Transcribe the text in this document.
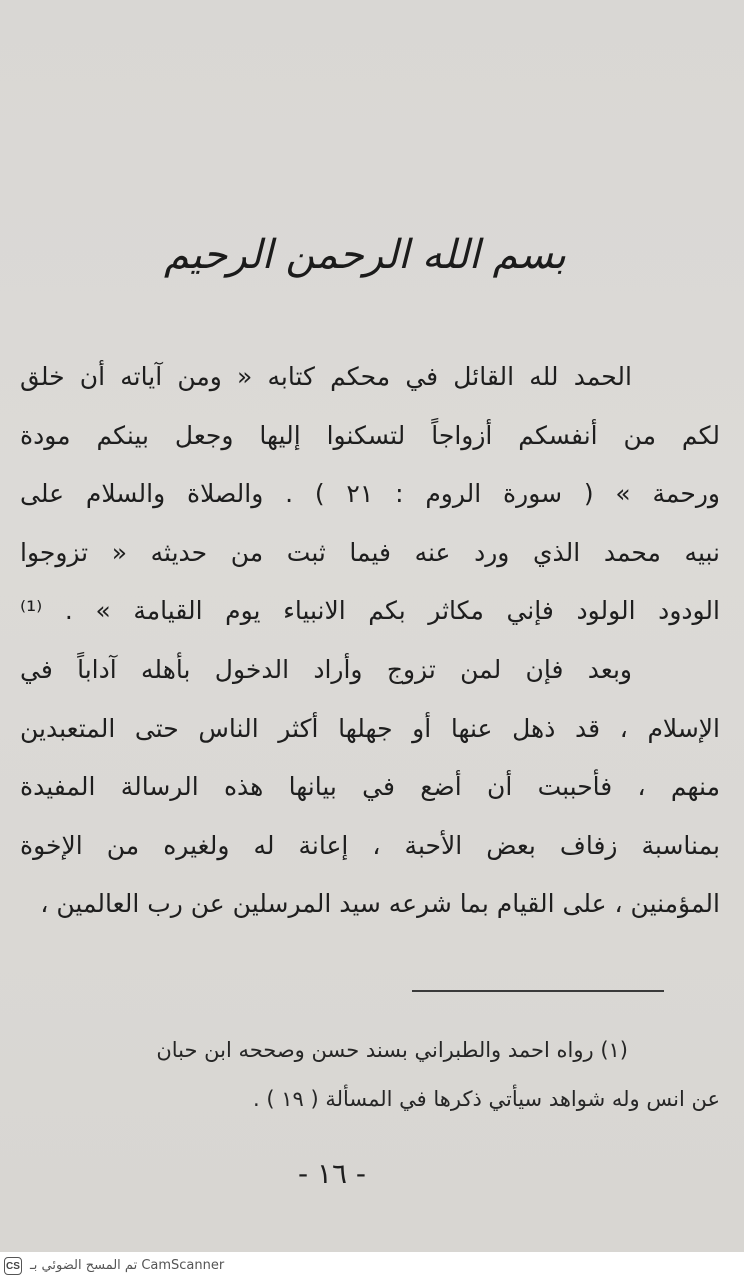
بسم الله الرحمن الرحيم
الحمد لله القائل في محكم كتابه « ومن آياته أن خلق
لكم من أنفسكم أزواجاً لتسكنوا إليها وجعل بينكم مودة
ورحمة » ( سورة الروم : ٢١ ) . والصلاة والسلام على
نبيه محمد الذي ورد عنه فيما ثبت من حديثه « تزوجوا
الودود الولود فإني مكاثر بكم الانبياء يوم القيامة » . ⁽¹⁾
وبعد فإن لمن تزوج وأراد الدخول بأهله آداباً في
الإسلام ، قد ذهل عنها أو جهلها أكثر الناس حتى المتعبدين
منهم ، فأحببت أن أضع في بيانها هذه الرسالة المفيدة
بمناسبة زفاف بعض الأحبة ، إعانة له ولغيره من الإخوة
المؤمنين ، على القيام بما شرعه سيد المرسلين عن رب العالمين ،
(١) رواه احمد والطبراني بسند حسن وصححه ابن حبان
عن انس وله شواهد سيأتي ذكرها في المسألة ( ١٩ ) .
- ١٦ -
CS تم المسح الضوئي بـ CamScanner
